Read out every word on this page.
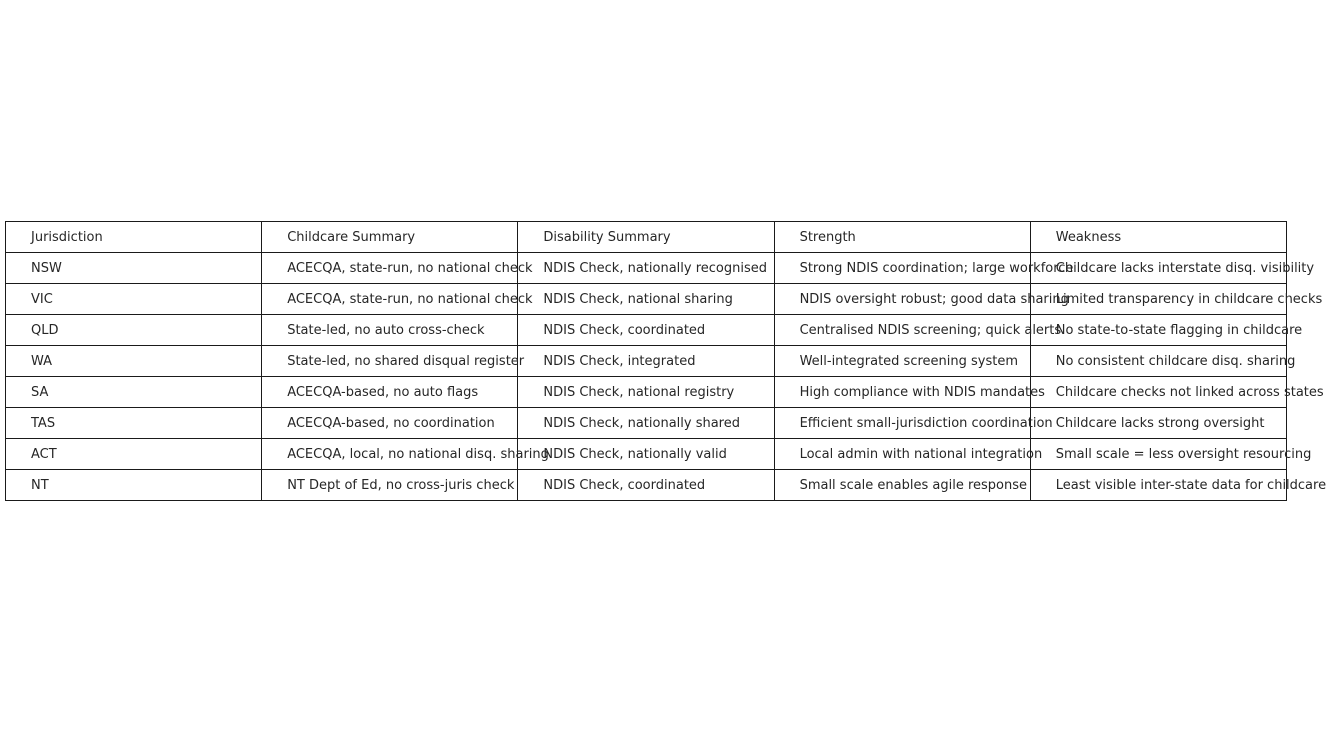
Jurisdiction	Childcare Summary	Disability Summary	Strength	Weakness
NSW	ACECQA, state-run, no national check	NDIS Check, nationally recognised	Strong NDIS coordination; large workforce	Childcare lacks interstate disq. visibility
VIC	ACECQA, state-run, no national check	NDIS Check, national sharing	NDIS oversight robust; good data sharing	Limited transparency in childcare checks
QLD	State-led, no auto cross-check	NDIS Check, coordinated	Centralised NDIS screening; quick alerts	No state-to-state flagging in childcare
WA	State-led, no shared disqual register	NDIS Check, integrated	Well-integrated screening system	No consistent childcare disq. sharing
SA	ACECQA-based, no auto flags	NDIS Check, national registry	High compliance with NDIS mandates	Childcare checks not linked across states
TAS	ACECQA-based, no coordination	NDIS Check, nationally shared	Efficient small-jurisdiction coordination	Childcare lacks strong oversight
ACT	ACECQA, local, no national disq. sharing	NDIS Check, nationally valid	Local admin with national integration	Small scale = less oversight resourcing
NT	NT Dept of Ed, no cross-juris check	NDIS Check, coordinated	Small scale enables agile response	Least visible inter-state data for childcare
